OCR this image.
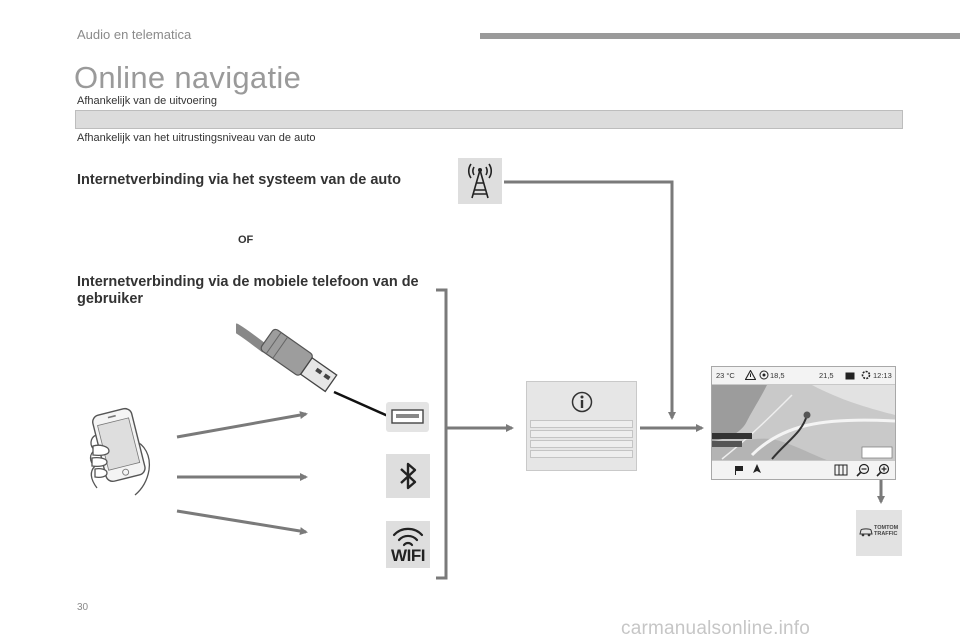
Audio en telematica
Online navigatie
Afhankelijk van de uitvoering
Afhankelijk van het uitrustingsniveau van de auto
Internetverbinding via het systeem van de auto
OF
Internetverbinding via de mobiele telefoon van de gebruiker
WIFI
23 °C	18,5	21,5	12:13
TOMTOM
TRAFFIC
30
carmanualsonline.info
